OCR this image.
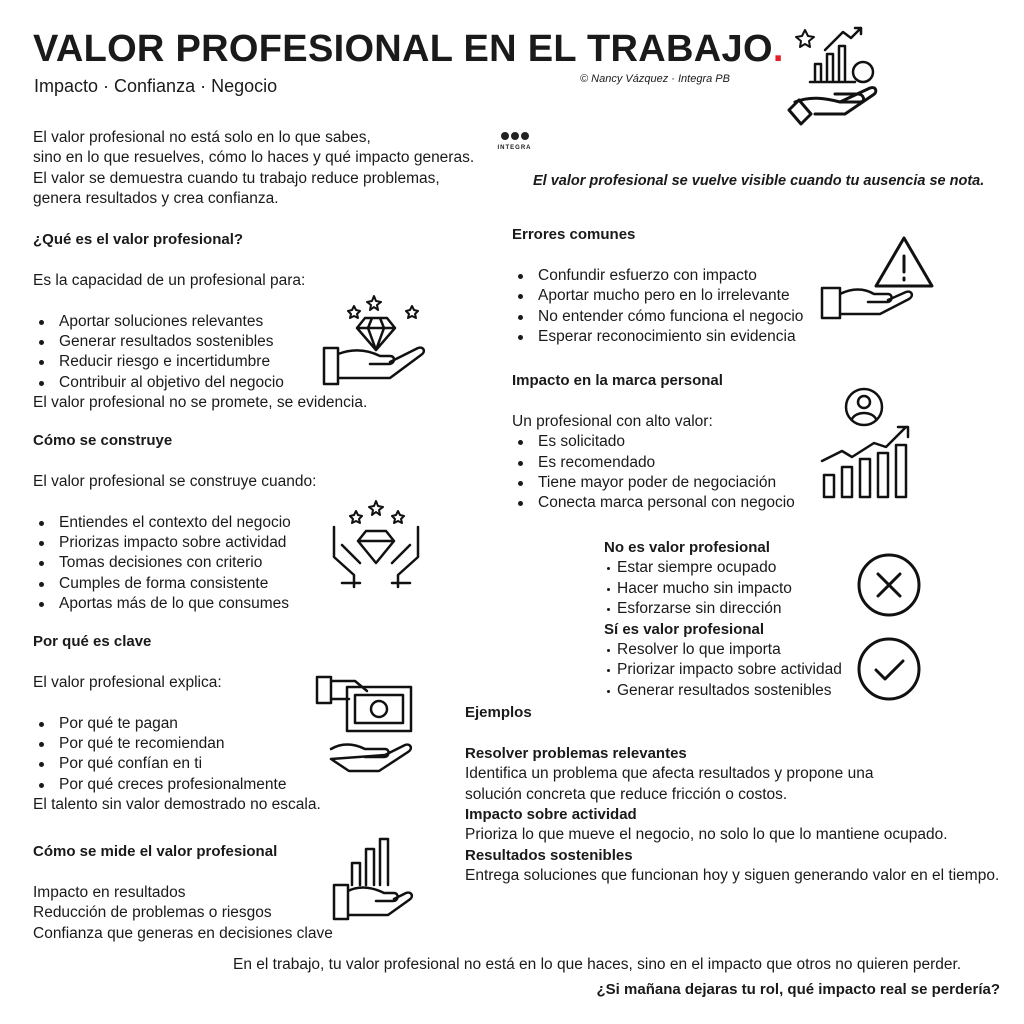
VALOR PROFESIONAL EN EL TRABAJO.
Impacto · Confianza · Negocio	© Nancy Vázquez · Integra PB
INTEGRA
El valor profesional no está solo en lo que sabes,
sino en lo que resuelves, cómo lo haces y qué impacto generas.
El valor se demuestra cuando tu trabajo reduce problemas,
genera resultados y crea confianza.
El valor profesional se vuelve visible cuando tu ausencia se nota.
¿Qué es el valor profesional?
Es la capacidad de un profesional para:
Aportar soluciones relevantes
Generar resultados sostenibles
Reducir riesgo e incertidumbre
Contribuir al objetivo del negocio
El valor profesional no se promete, se evidencia.
Cómo se construye
El valor profesional se construye cuando:
Entiendes el contexto del negocio
Priorizas impacto sobre actividad
Tomas decisiones con criterio
Cumples de forma consistente
Aportas más de lo que consumes
Por qué es clave
El valor profesional explica:
Por qué te pagan
Por qué te recomiendan
Por qué confían en ti
Por qué creces profesionalmente
El talento sin valor demostrado no escala.
Cómo se mide el valor profesional
Impacto en resultados
Reducción de problemas o riesgos
Confianza que generas en decisiones clave
Errores comunes
Confundir esfuerzo con impacto
Aportar mucho pero en lo irrelevante
No entender cómo funciona el negocio
Esperar reconocimiento sin evidencia
Impacto en la marca personal
Un profesional con alto valor:
Es solicitado
Es recomendado
Tiene mayor poder de negociación
Conecta marca personal con negocio
No es valor profesional
Estar siempre ocupado
Hacer mucho sin impacto
Esforzarse sin dirección
Sí es valor profesional
Resolver lo que importa
Priorizar impacto sobre actividad
Generar resultados sostenibles
Ejemplos
Resolver problemas relevantes
Identifica un problema que afecta resultados y propone una
solución concreta que reduce fricción o costos.
Impacto sobre actividad
Prioriza lo que mueve el negocio, no solo lo que lo mantiene ocupado.
Resultados sostenibles
Entrega soluciones que funcionan hoy y siguen generando valor en el tiempo.
En el trabajo, tu valor profesional no está en lo que haces, sino en el impacto que otros no quieren perder.
¿Si mañana dejaras tu rol, qué impacto real se perdería?
